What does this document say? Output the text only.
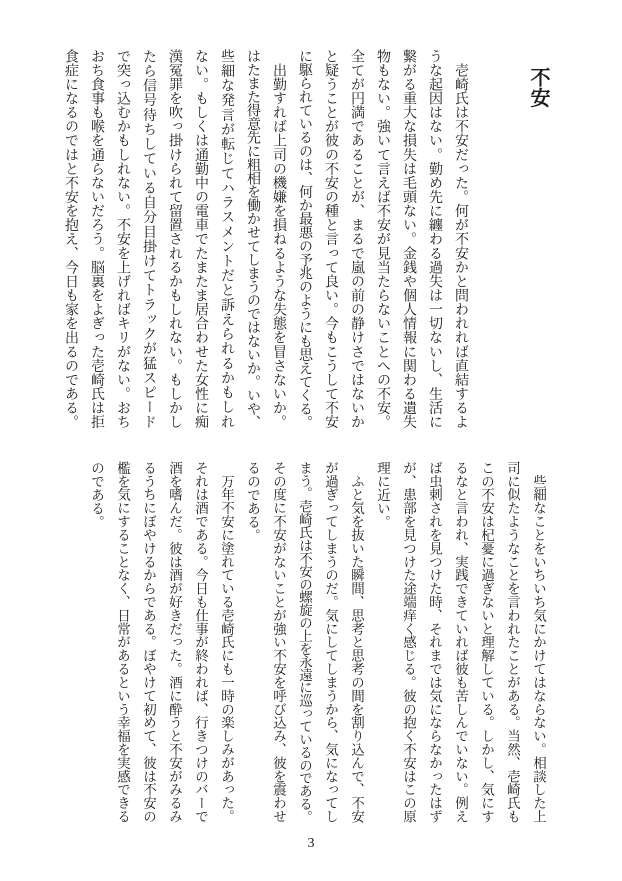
不安
　壱崎氏は不安だった。何が不安かと問われれば直結するよ
うな起因はない。勤め先に纏わる過失は一切ないし、生活に
繋がる重大な損失は毛頭ない。金銭や個人情報に関わる遺失
物もない。強いて言えば不安が見当たらないことへの不安。
全てが円満であることが、まるで嵐の前の静けさではないか
と疑うことが彼の不安の種と言って良い。今もこうして不安
に駆られているのは、何か最悪の予兆のようにも思えてくる。
　出勤すれば上司の機嫌を損ねるような失態を冒さないか。
はたまた得意先に粗相を働かせてしまうのではないか。いや、
些細な発言が転じてハラスメントだと訴えられるかもしれ
ない。もしくは通勤中の電車でたまたま居合わせた女性に痴
漢冤罪を吹っ掛けられて留置されるかもしれない。もしかし
たら信号待ちしている自分目掛けてトラックが猛スピード
で突っ込むかもしれない。不安を上げればキリがない。おち
おち食事も喉を通らないだろう。脳裏をよぎった壱崎氏は拒
食症になるのではと不安を抱え、今日も家を出るのである。
　些細なことをいちいち気にかけてはならない。相談した上
司に似たようなことを言われたことがある。当然、壱崎氏も
この不安は杞憂に過ぎないと理解している。しかし、気にす
るなと言われ、実践できていれば彼も苦しんでいない。例え
ば虫刺されを見つけた時、それまでは気にならなかったはず
が、患部を見つけた途端痒く感じる。彼の抱く不安はこの原
理に近い。
　ふと気を抜いた瞬間、思考と思考の間を割り込んで、不安
が過ぎってしまうのだ。気にしてしまうから、気になってし
まう。壱崎氏は不安の螺旋の上を永遠に巡っているのである。
その度に不安がないことが強い不安を呼び込み、彼を震わせ
るのである。
　万年不安に塗れている壱崎氏にも一時の楽しみがあった。
それは酒である。今日も仕事が終われば、行きつけのバーで
酒を嗜んだ。彼は酒が好きだった。酒に酔うと不安がみるみ
るうちにぼやけるからである。ぼやけて初めて、彼は不安の
檻を気にすることなく、日常があるという幸福を実感できる
のである。
3
